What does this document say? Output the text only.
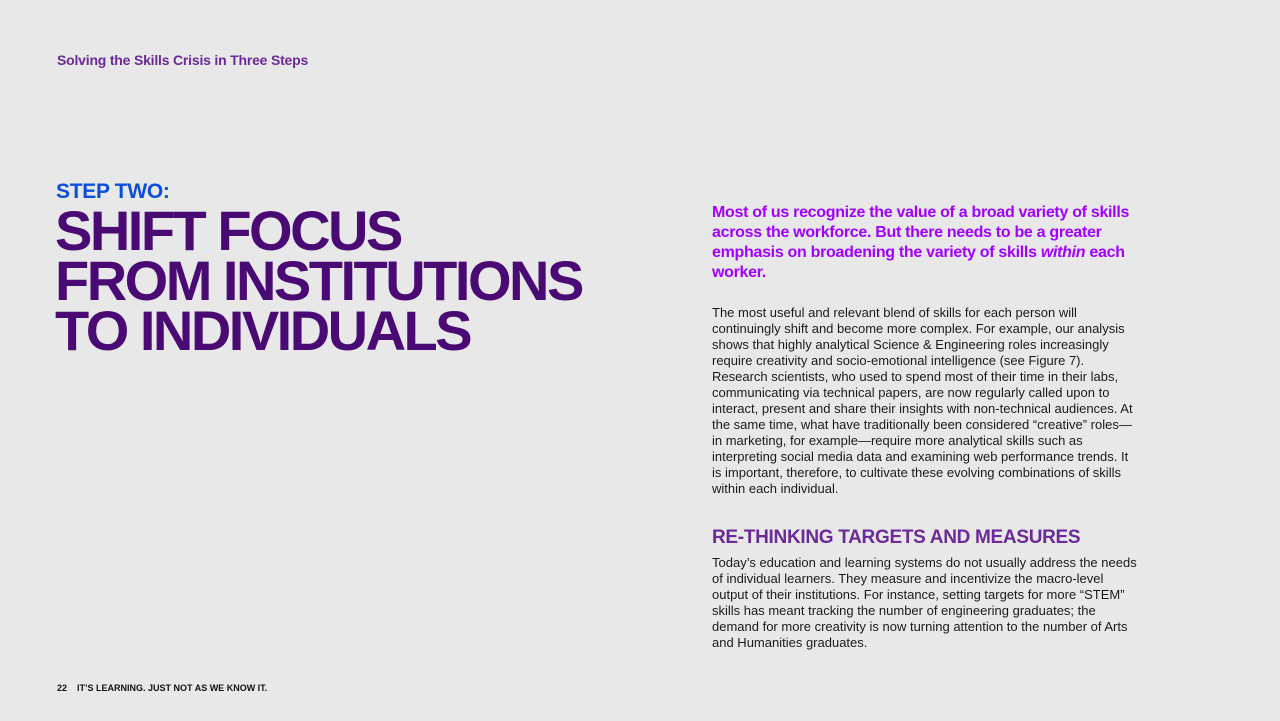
Solving the Skills Crisis in Three Steps
STEP TWO:
SHIFT FOCUS
FROM INSTITUTIONS
TO INDIVIDUALS

Most of us recognize the value of a broad variety of skills across the workforce. But there needs to be a greater emphasis on broadening the variety of skills within each worker.

The most useful and relevant blend of skills for each person will continuingly shift and become more complex. For example, our analysis shows that highly analytical Science & Engineering roles increasingly require creativity and socio-emotional intelligence (see Figure 7). Research scientists, who used to spend most of their time in their labs, communicating via technical papers, are now regularly called upon to interact, present and share their insights with non-technical audiences. At the same time, what have traditionally been considered “creative” roles—in marketing, for example—require more analytical skills such as interpreting social media data and examining web performance trends. It is important, therefore, to cultivate these evolving combinations of skills within each individual.

RE-THINKING TARGETS AND MEASURES

Today’s education and learning systems do not usually address the needs of individual learners. They measure and incentivize the macro-level output of their institutions. For instance, setting targets for more “STEM” skills has meant tracking the number of engineering graduates; the demand for more creativity is now turning attention to the number of Arts and Humanities graduates.

22 IT’S LEARNING. JUST NOT AS WE KNOW IT.
